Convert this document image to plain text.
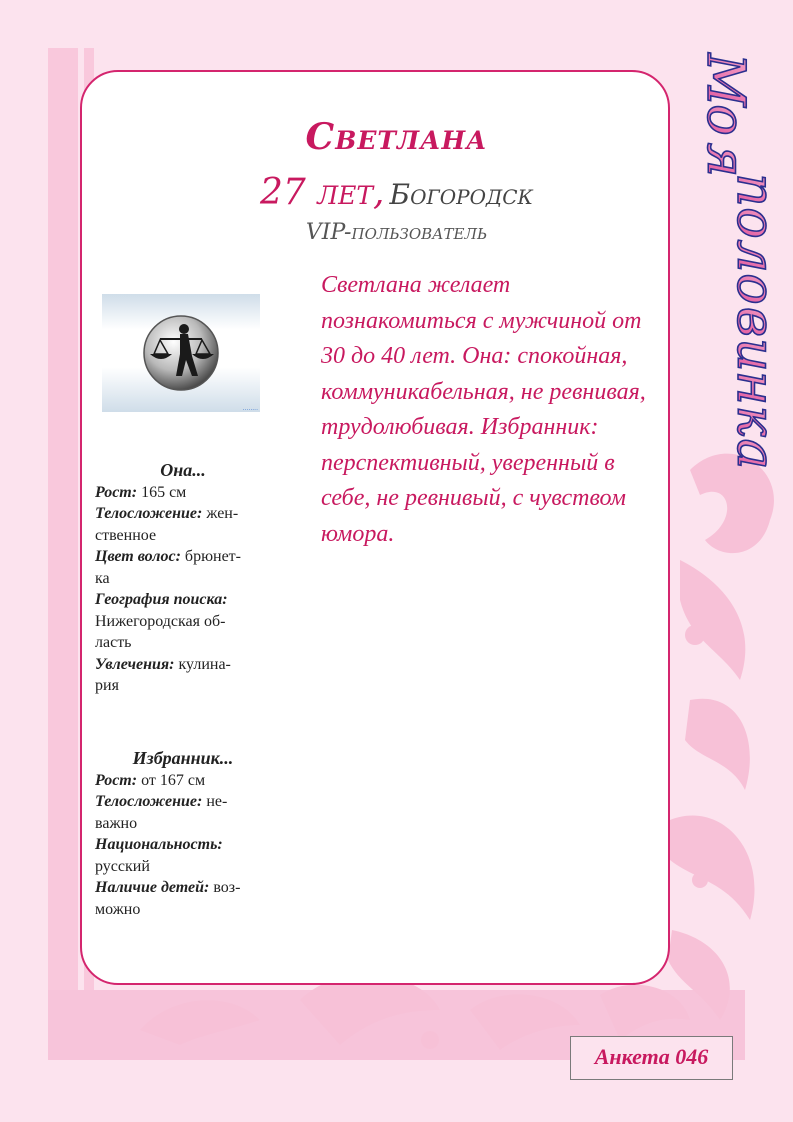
Светлана
27 лет, Богородск
VIP-пользователь
........

Светлана желает познакомиться с мужчиной от 30 до 40 лет. Она: спокойная, коммуникабельная, не ревнивая, трудолюбивая. Избранник: перспективный, уверенный в себе, не ревнивый, с чувством юмора.

Она...

Рост: 165 см

Телосложение: жен-

ственное

Цвет волос: брюнет-

ка

География поиска:

Нижегородская об-

ласть

Увлечения: кулина-

рия

Избранник...

Рост: от 167 см

Телосложение: не-

важно

Национальность:

русский

Наличие детей: воз-

можно

М
о
я
п
о
л
о
в
и
н
к
а
Анкета 046
